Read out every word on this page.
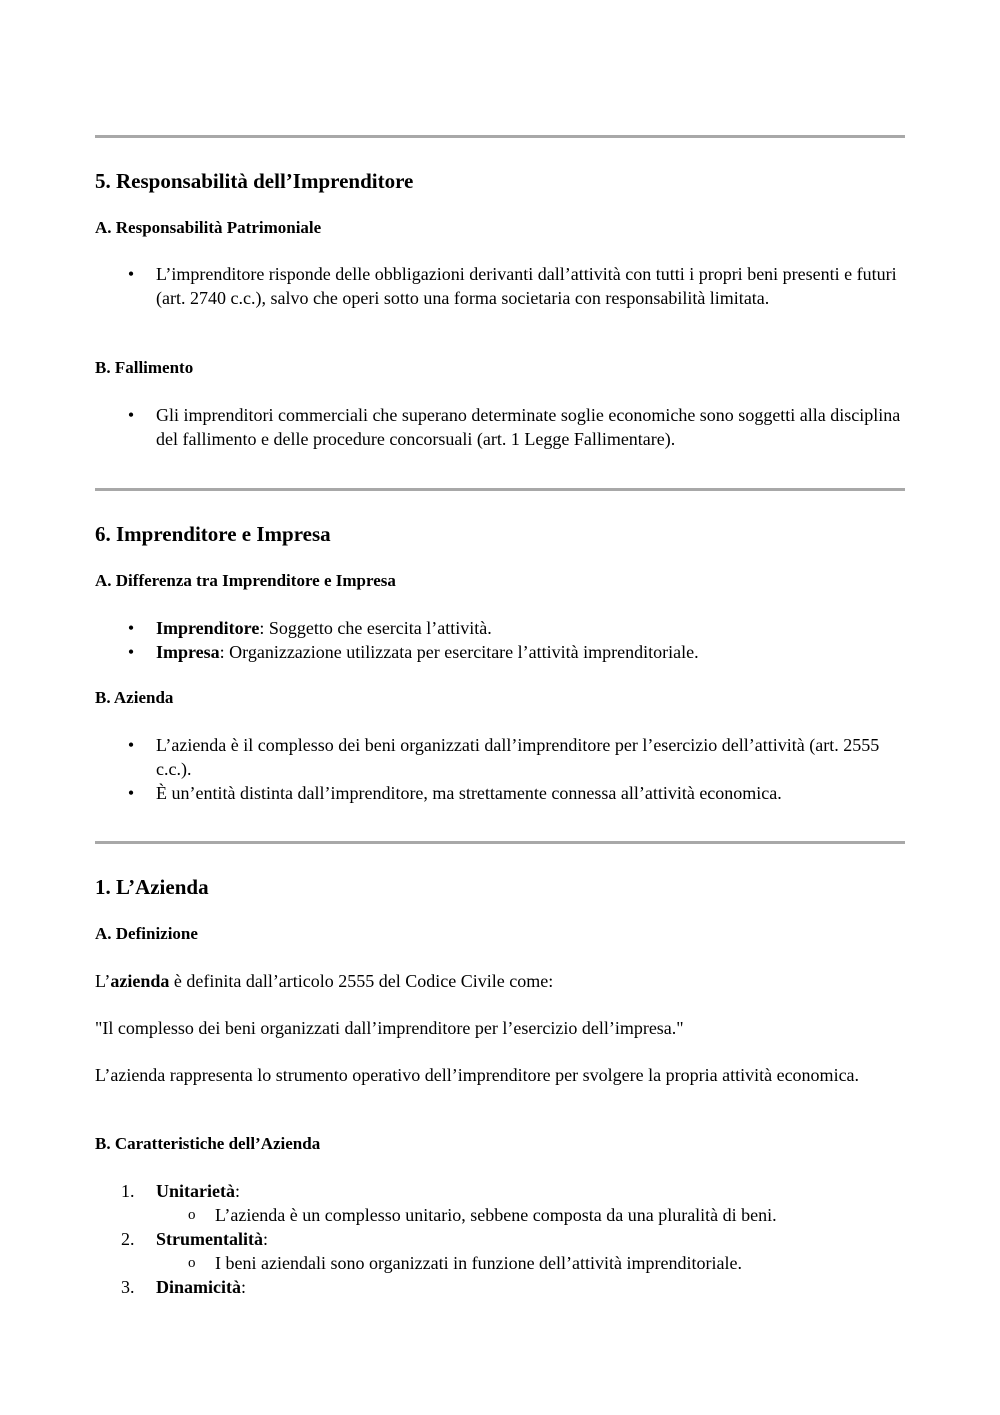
5. Responsabilità dell’Imprenditore
A. Responsabilità Patrimoniale
• L’imprenditore risponde delle obbligazioni derivanti dall’attività con tutti i propri beni presenti e futuri (art. 2740 c.c.), salvo che operi sotto una forma societaria con responsabilità limitata.
B. Fallimento
• Gli imprenditori commerciali che superano determinate soglie economiche sono soggetti alla disciplina del fallimento e delle procedure concorsuali (art. 1 Legge Fallimentare).
6. Imprenditore e Impresa
A. Differenza tra Imprenditore e Impresa
• Imprenditore: Soggetto che esercita l’attività.
• Impresa: Organizzazione utilizzata per esercitare l’attività imprenditoriale.
B. Azienda
• L’azienda è il complesso dei beni organizzati dall’imprenditore per l’esercizio dell’attività (art. 2555 c.c.).
• È un’entità distinta dall’imprenditore, ma strettamente connessa all’attività economica.
1. L’Azienda
A. Definizione

L’azienda è definita dall’articolo 2555 del Codice Civile come:

"Il complesso dei beni organizzati dall’imprenditore per l’esercizio dell’impresa."

L’azienda rappresenta lo strumento operativo dell’imprenditore per svolgere la propria attività economica.

B. Caratteristiche dell’Azienda
1. Unitarietà:
o L’azienda è un complesso unitario, sebbene composta da una pluralità di beni.
2. Strumentalità:
o I beni aziendali sono organizzati in funzione dell’attività imprenditoriale.
3. Dinamicità:
